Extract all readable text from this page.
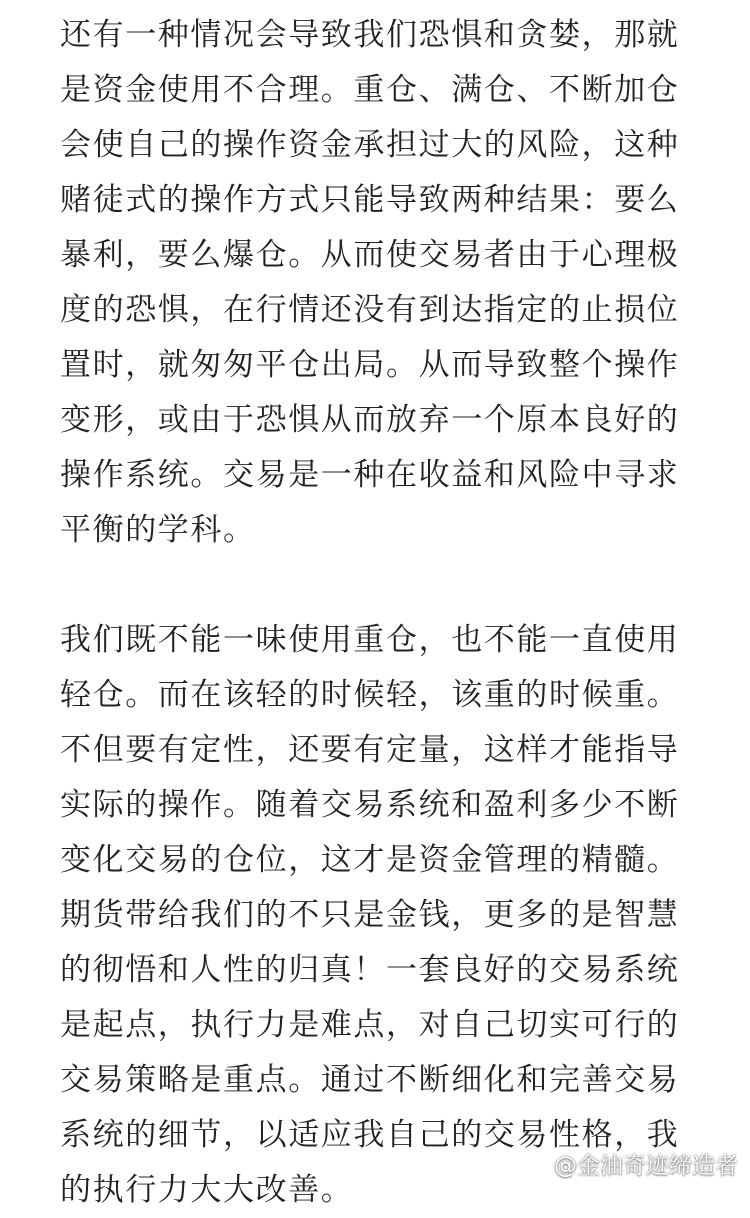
还有一种情况会导致我们恐惧和贪婪，那就
是资金使用不合理。重仓、满仓、不断加仓
会使自己的操作资金承担过大的风险，这种
赌徒式的操作方式只能导致两种结果：要么
暴利，要么爆仓。从而使交易者由于心理极
度的恐惧，在行情还没有到达指定的止损位
置时，就匆匆平仓出局。从而导致整个操作
变形，或由于恐惧从而放弃一个原本良好的
操作系统。交易是一种在收益和风险中寻求
平衡的学科。
我们既不能一味使用重仓，也不能一直使用
轻仓。而在该轻的时候轻，该重的时候重。
不但要有定性，还要有定量，这样才能指导
实际的操作。随着交易系统和盈利多少不断
变化交易的仓位，这才是资金管理的精髓。
期货带给我们的不只是金钱，更多的是智慧
的彻悟和人性的归真！一套良好的交易系统
是起点，执行力是难点，对自己切实可行的
交易策略是重点。通过不断细化和完善交易
系统的细节，以适应我自己的交易性格，我
的执行力大大改善。
@金油奇迹缔造者
